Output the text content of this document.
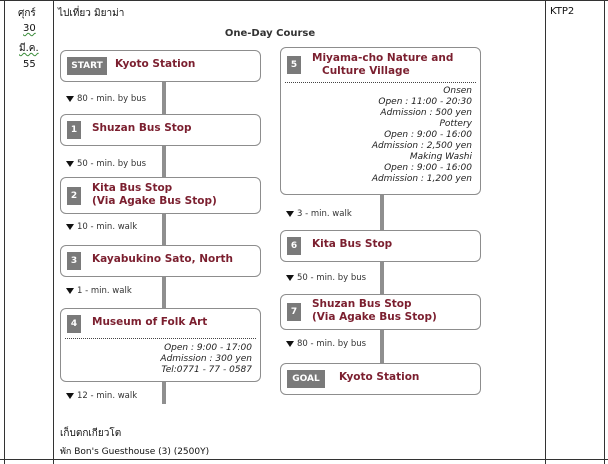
ศุกร์
30
มี.ค.
55
ไปเที่ยว มิยาม่า	KTP2
One-Day Course
START	Kyoto Station
1	Shuzan Bus Stop
2
Kita Bus Stop
(Via Agake Bus Stop)
3	Kayabukino Sato, North
4	Museum of Folk Art
Open : 9:00 - 17:00
Admission : 300 yen
Tel:0771 - 77 - 0587
5
Miyama-cho Nature and
Culture Village
Onsen
Open : 11:00 - 20:30
Admission : 500 yen
Pottery
Open : 9:00 - 16:00
Admission : 2,500 yen
Making Washi
Open : 9:00 - 16:00
Admission : 1,200 yen
6	Kita Bus Stop
7
Shuzan Bus Stop
(Via Agake Bus Stop)
GOAL	Kyoto Station
80 - min. by bus
50 - min. by bus
10 - min. walk
1 - min. walk
12 - min. walk
3 - min. walk
50 - min. by bus
80 - min. by bus
เก็บตกเกียวโต
พัก Bon's Guesthouse (3) (2500Y)
